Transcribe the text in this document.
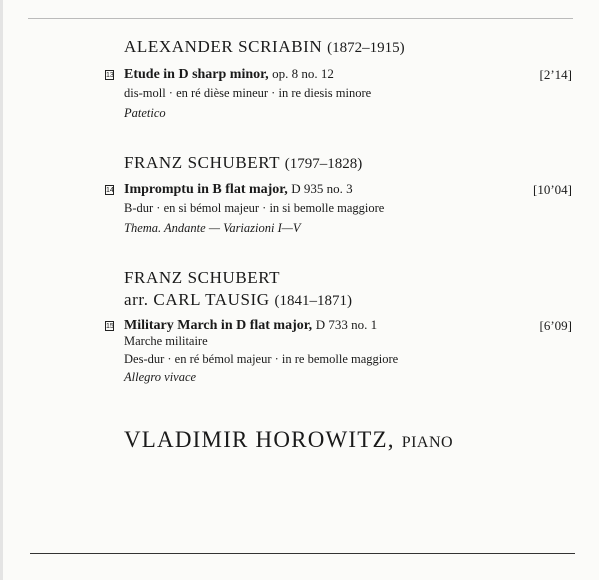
ALEXANDER SCRIABIN (1872–1915)
13 Etude in D sharp minor, op. 8 no. 12	[2’14]
dis-moll · en ré dièse mineur · in re diesis minore
Patetico
FRANZ SCHUBERT (1797–1828)
14 Impromptu in B flat major, D 935 no. 3	[10’04]
B-dur · en si bémol majeur · in si bemolle maggiore
Thema. Andante — Variazioni I—V
FRANZ SCHUBERT
arr. CARL TAUSIG (1841–1871)
15 Military March in D flat major, D 733 no. 1	[6’09]
Marche militaire
Des-dur · en ré bémol majeur · in re bemolle maggiore
Allegro vivace
VLADIMIR HOROWITZ, PIANO
